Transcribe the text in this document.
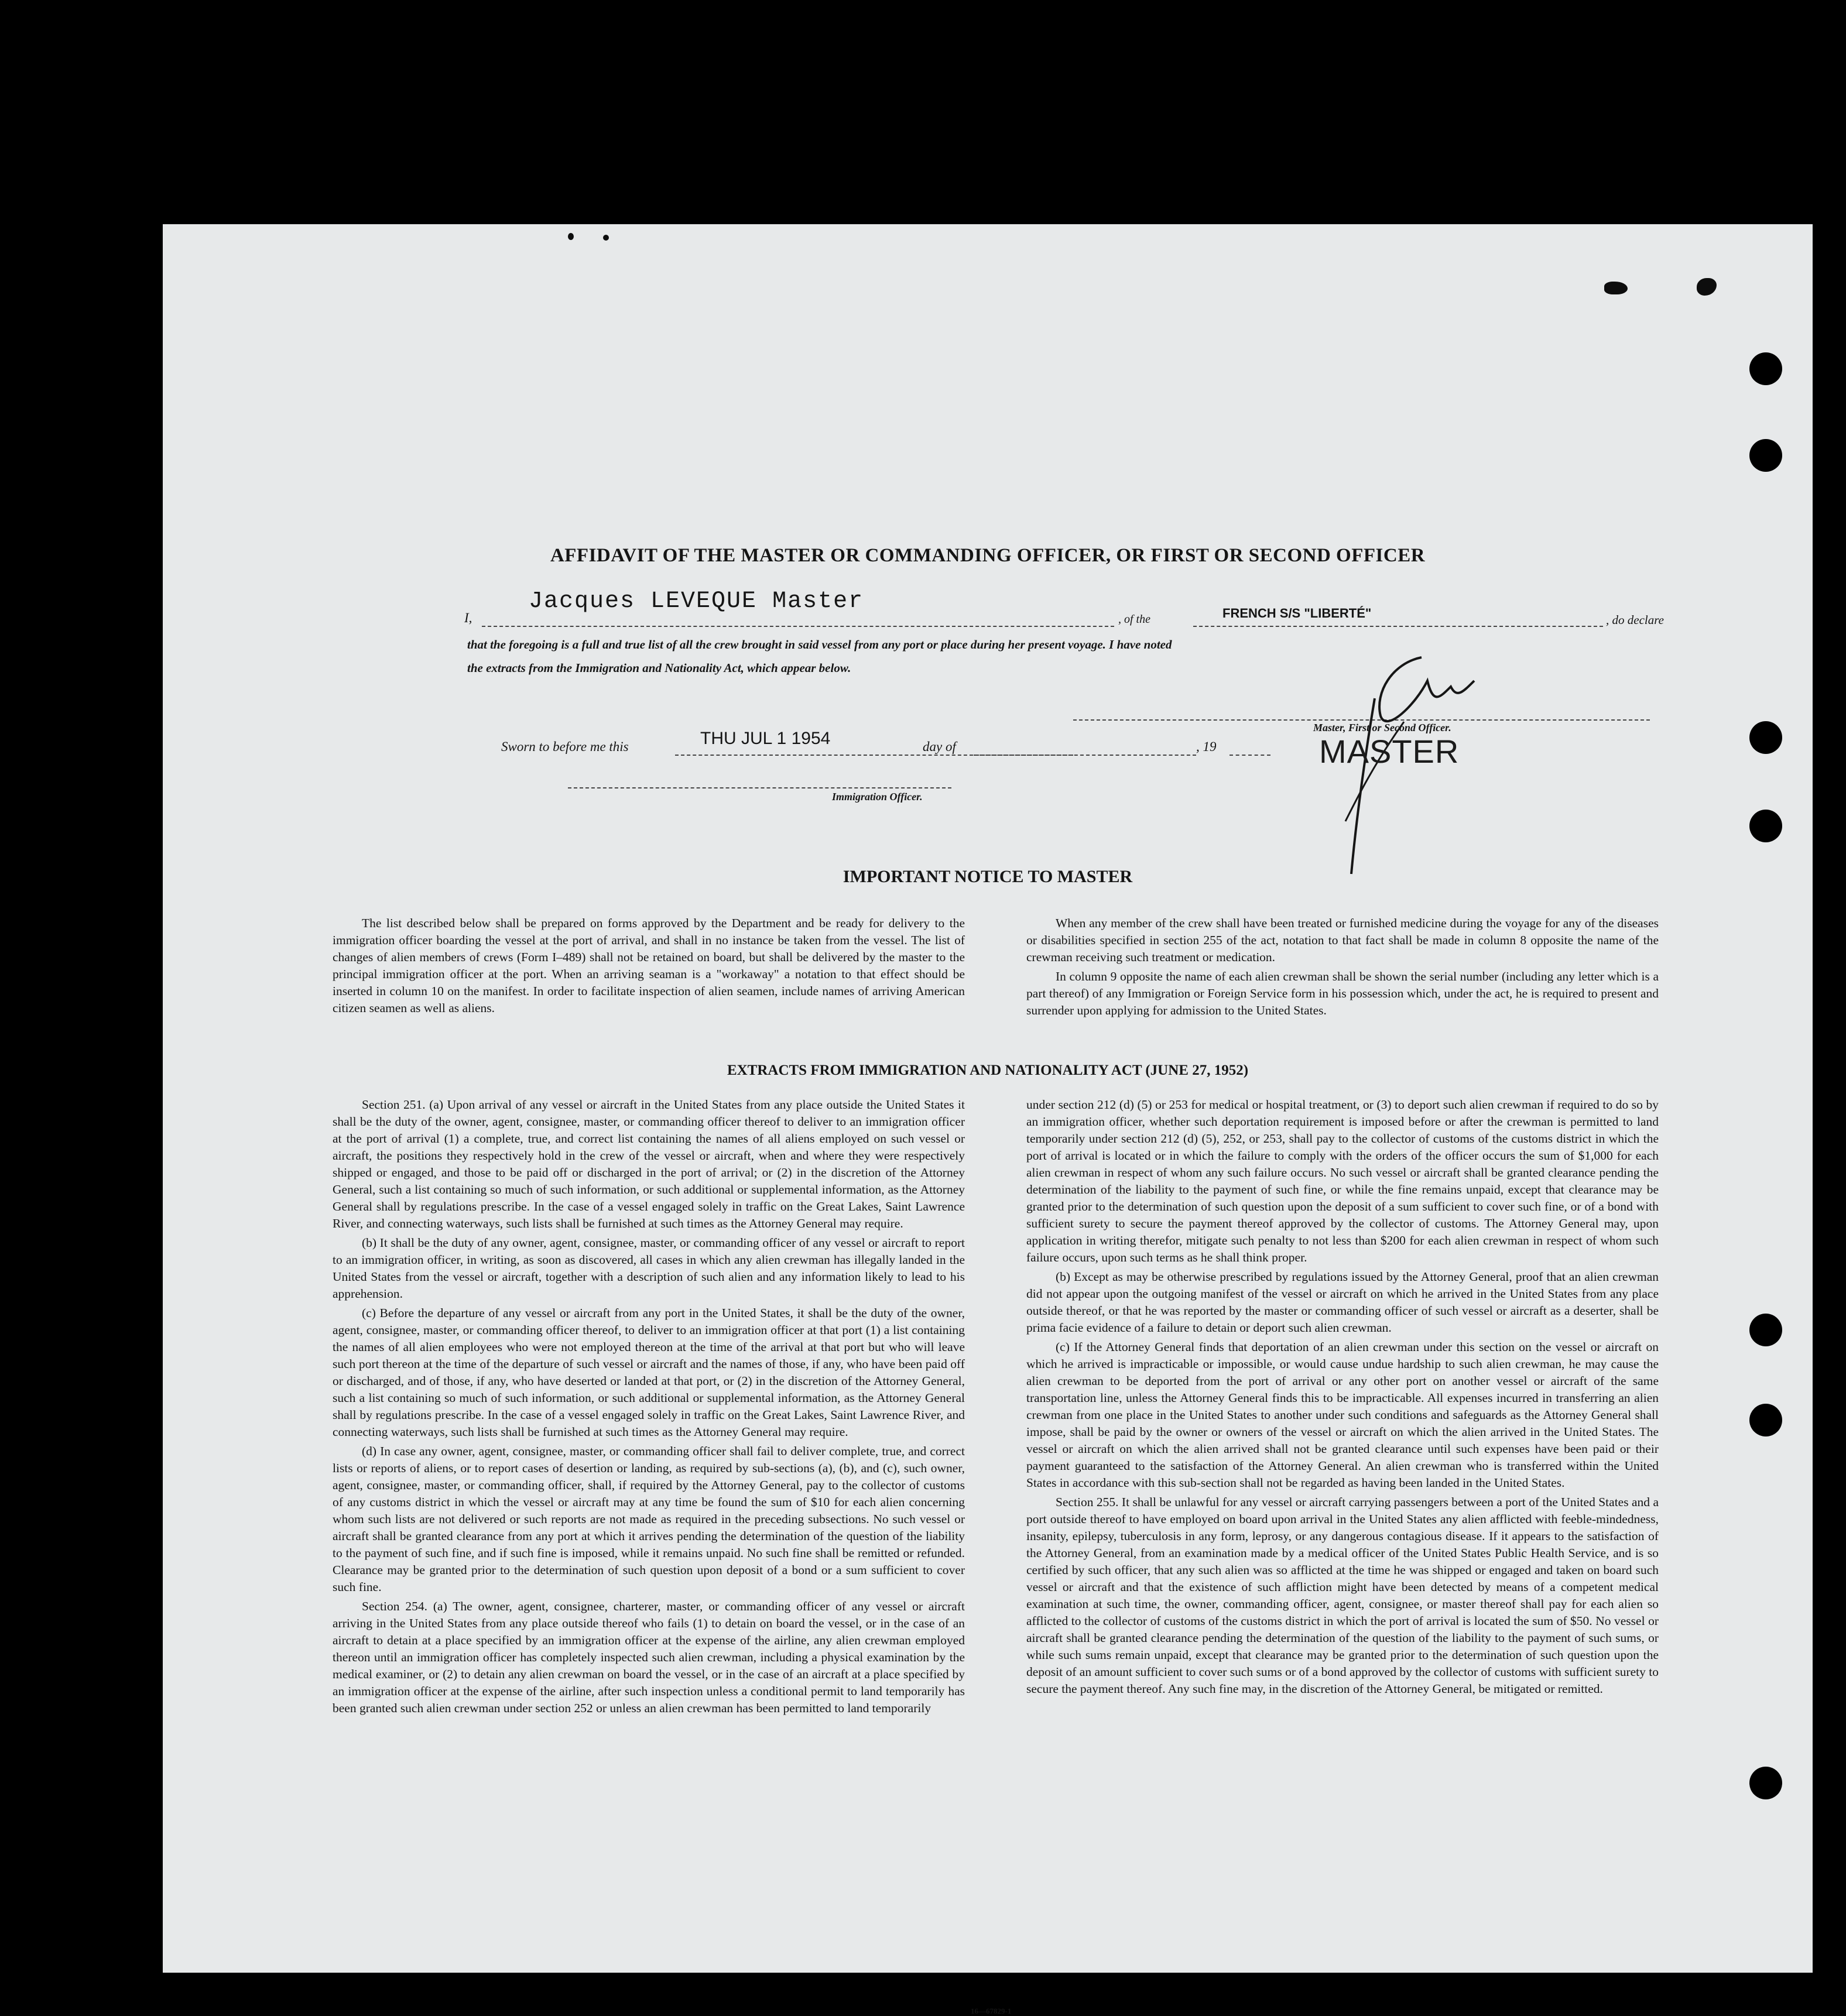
AFFIDAVIT OF THE MASTER OR COMMANDING OFFICER, OR FIRST OR SECOND OFFICER
I,
Jacques LEVEQUE Master
, of the	FRENCH S/S "LIBERTÉ"	, do declare
that the foregoing is a full and true list of all the crew brought in said vessel from any port or place during her present voyage. I have noted
the extracts from the Immigration and Nationality Act, which appear below.
Master, First or Second Officer.
MASTER
Sworn to before me this	THU JUL 1 1954	day of	, 19
Immigration Officer.
IMPORTANT NOTICE TO MASTER

The list described below shall be prepared on forms approved by the Department and be ready for delivery to the immigration officer boarding the vessel at the port of arrival, and shall in no instance be taken from the vessel. The list of changes of alien members of crews (Form I–489) shall not be retained on board, but shall be delivered by the master to the principal immigration officer at the port. When an arriving seaman is a "workaway" a notation to that effect should be inserted in column 10 on the manifest. In order to facilitate inspection of alien seamen, include names of arriving American citizen seamen as well as aliens.

When any member of the crew shall have been treated or furnished medicine during the voyage for any of the diseases or disabilities specified in section 255 of the act, notation to that fact shall be made in column 8 opposite the name of the crewman receiving such treatment or medication.

In column 9 opposite the name of each alien crewman shall be shown the serial number (including any letter which is a part thereof) of any Immigration or Foreign Service form in his possession which, under the act, he is required to present and surrender upon applying for admission to the United States.

EXTRACTS FROM IMMIGRATION AND NATIONALITY ACT (JUNE 27, 1952)

Section 251. (a) Upon arrival of any vessel or aircraft in the United States from any place outside the United States it shall be the duty of the owner, agent, consignee, master, or commanding officer thereof to deliver to an immigration officer at the port of arrival (1) a complete, true, and correct list containing the names of all aliens employed on such vessel or aircraft, the positions they respectively hold in the crew of the vessel or aircraft, when and where they were respectively shipped or engaged, and those to be paid off or discharged in the port of arrival; or (2) in the discretion of the Attorney General, such a list containing so much of such information, or such additional or supplemental information, as the Attorney General shall by regulations prescribe. In the case of a vessel engaged solely in traffic on the Great Lakes, Saint Lawrence River, and connecting waterways, such lists shall be furnished at such times as the Attorney General may require.

(b) It shall be the duty of any owner, agent, consignee, master, or commanding officer of any vessel or aircraft to report to an immigration officer, in writing, as soon as discovered, all cases in which any alien crewman has illegally landed in the United States from the vessel or aircraft, together with a description of such alien and any information likely to lead to his apprehension.

(c) Before the departure of any vessel or aircraft from any port in the United States, it shall be the duty of the owner, agent, consignee, master, or commanding officer thereof, to deliver to an immigration officer at that port (1) a list containing the names of all alien employees who were not employed thereon at the time of the arrival at that port but who will leave such port thereon at the time of the departure of such vessel or aircraft and the names of those, if any, who have been paid off or discharged, and of those, if any, who have deserted or landed at that port, or (2) in the discretion of the Attorney General, such a list containing so much of such information, or such additional or supplemental information, as the Attorney General shall by regulations prescribe. In the case of a vessel engaged solely in traffic on the Great Lakes, Saint Lawrence River, and connecting waterways, such lists shall be furnished at such times as the Attorney General may require.

(d) In case any owner, agent, consignee, master, or commanding officer shall fail to deliver complete, true, and correct lists or reports of aliens, or to report cases of desertion or landing, as required by sub-sections (a), (b), and (c), such owner, agent, consignee, master, or commanding officer, shall, if required by the Attorney General, pay to the collector of customs of any customs district in which the vessel or aircraft may at any time be found the sum of $10 for each alien concerning whom such lists are not delivered or such reports are not made as required in the preceding subsections. No such vessel or aircraft shall be granted clearance from any port at which it arrives pending the determination of the question of the liability to the payment of such fine, and if such fine is imposed, while it remains unpaid. No such fine shall be remitted or refunded. Clearance may be granted prior to the determination of such question upon deposit of a bond or a sum sufficient to cover such fine.

Section 254. (a) The owner, agent, consignee, charterer, master, or commanding officer of any vessel or aircraft arriving in the United States from any place outside thereof who fails (1) to detain on board the vessel, or in the case of an aircraft to detain at a place specified by an immigration officer at the expense of the airline, any alien crewman employed thereon until an immigration officer has completely inspected such alien crewman, including a physical examination by the medical examiner, or (2) to detain any alien crewman on board the vessel, or in the case of an aircraft at a place specified by an immigration officer at the expense of the airline, after such inspection unless a conditional permit to land temporarily has been granted such alien crewman under section 252 or unless an alien crewman has been permitted to land temporarily

under section 212 (d) (5) or 253 for medical or hospital treatment, or (3) to deport such alien crewman if required to do so by an immigration officer, whether such deportation requirement is imposed before or after the crewman is permitted to land temporarily under section 212 (d) (5), 252, or 253, shall pay to the collector of customs of the customs district in which the port of arrival is located or in which the failure to comply with the orders of the officer occurs the sum of $1,000 for each alien crewman in respect of whom any such failure occurs. No such vessel or aircraft shall be granted clearance pending the determination of the liability to the payment of such fine, or while the fine remains unpaid, except that clearance may be granted prior to the determination of such question upon the deposit of a sum sufficient to cover such fine, or of a bond with sufficient surety to secure the payment thereof approved by the collector of customs. The Attorney General may, upon application in writing therefor, mitigate such penalty to not less than $200 for each alien crewman in respect of whom such failure occurs, upon such terms as he shall think proper.

(b) Except as may be otherwise prescribed by regulations issued by the Attorney General, proof that an alien crewman did not appear upon the outgoing manifest of the vessel or aircraft on which he arrived in the United States from any place outside thereof, or that he was reported by the master or commanding officer of such vessel or aircraft as a deserter, shall be prima facie evidence of a failure to detain or deport such alien crewman.

(c) If the Attorney General finds that deportation of an alien crewman under this section on the vessel or aircraft on which he arrived is impracticable or impossible, or would cause undue hardship to such alien crewman, he may cause the alien crewman to be deported from the port of arrival or any other port on another vessel or aircraft of the same transportation line, unless the Attorney General finds this to be impracticable. All expenses incurred in transferring an alien crewman from one place in the United States to another under such conditions and safeguards as the Attorney General shall impose, shall be paid by the owner or owners of the vessel or aircraft on which the alien arrived in the United States. The vessel or aircraft on which the alien arrived shall not be granted clearance until such expenses have been paid or their payment guaranteed to the satisfaction of the Attorney General. An alien crewman who is transferred within the United States in accordance with this sub-section shall not be regarded as having been landed in the United States.

Section 255. It shall be unlawful for any vessel or aircraft carrying passengers between a port of the United States and a port outside thereof to have employed on board upon arrival in the United States any alien afflicted with feeble-mindedness, insanity, epilepsy, tuberculosis in any form, leprosy, or any dangerous contagious disease. If it appears to the satisfaction of the Attorney General, from an examination made by a medical officer of the United States Public Health Service, and is so certified by such officer, that any such alien was so afflicted at the time he was shipped or engaged and taken on board such vessel or aircraft and that the existence of such affliction might have been detected by means of a competent medical examination at such time, the owner, commanding officer, agent, consignee, or master thereof shall pay for each alien so afflicted to the collector of customs of the customs district in which the port of arrival is located the sum of $50. No vessel or aircraft shall be granted clearance pending the determination of the question of the liability to the payment of such sums, or while such sums remain unpaid, except that clearance may be granted prior to the determination of such question upon the deposit of an amount sufficient to cover such sums or of a bond approved by the collector of customs with sufficient surety to secure the payment thereof. Any such fine may, in the discretion of the Attorney General, be mitigated or remitted.

16—67829-1
